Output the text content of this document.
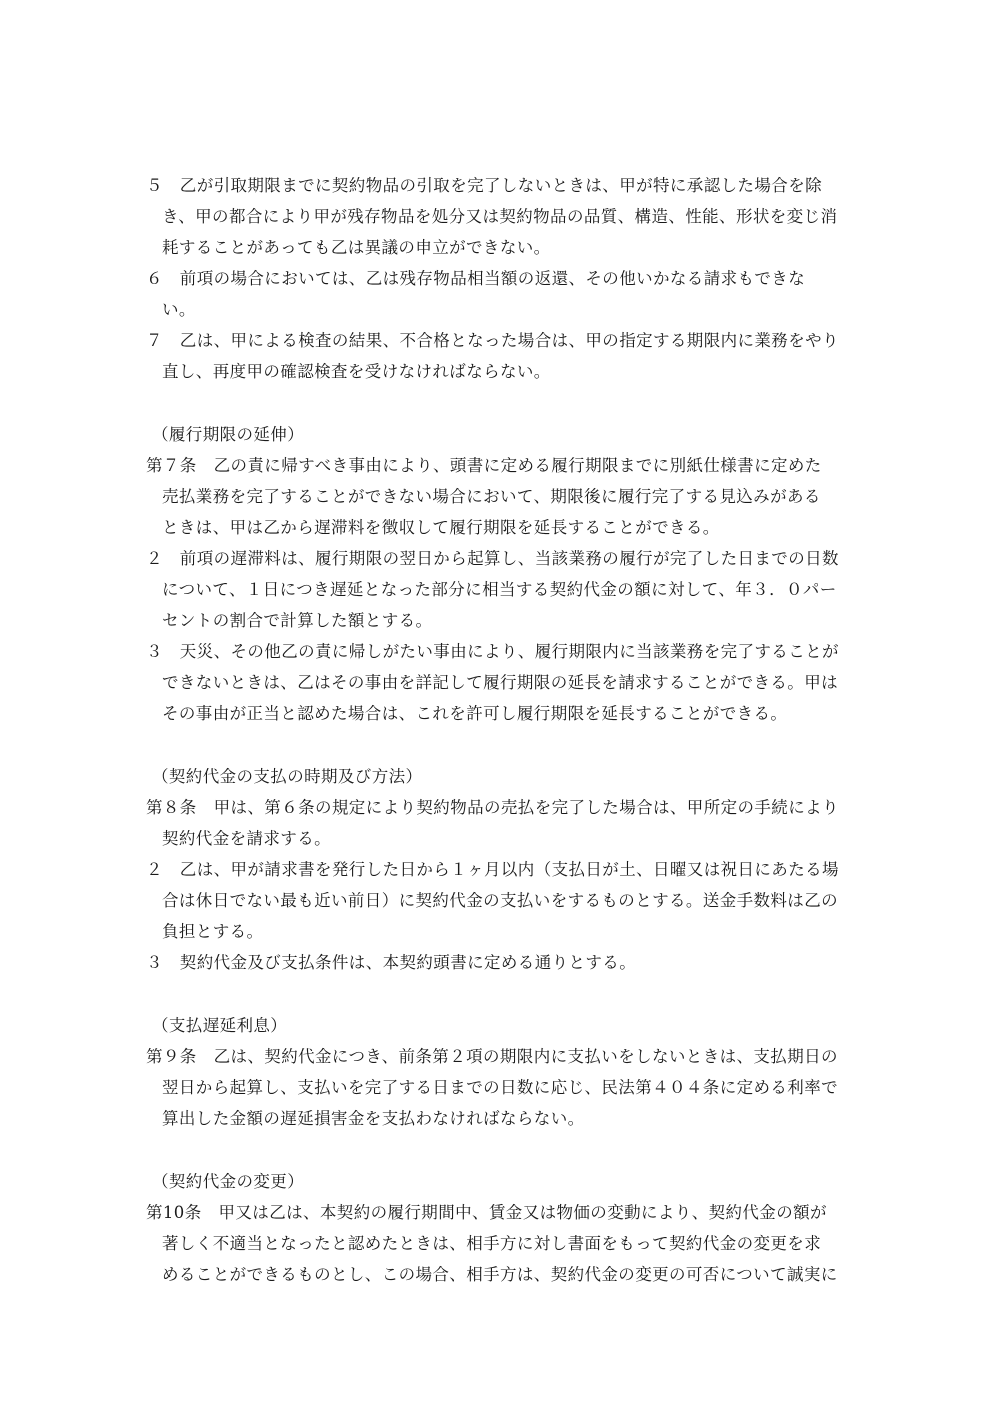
５　乙が引取期限までに契約物品の引取を完了しないときは、甲が特に承認した場合を除
き、甲の都合により甲が残存物品を処分又は契約物品の品質、構造、性能、形状を変じ消
耗することがあっても乙は異議の申立ができない。
６　前項の場合においては、乙は残存物品相当額の返還、その他いかなる請求もできな
い。
７　乙は、甲による検査の結果、不合格となった場合は、甲の指定する期限内に業務をやり
直し、再度甲の確認検査を受けなければならない。
（履行期限の延伸）
第７条　乙の責に帰すべき事由により、頭書に定める履行期限までに別紙仕様書に定めた
売払業務を完了することができない場合において、期限後に履行完了する見込みがある
ときは、甲は乙から遅滞料を徴収して履行期限を延長することができる。
２　前項の遅滞料は、履行期限の翌日から起算し、当該業務の履行が完了した日までの日数
について、１日につき遅延となった部分に相当する契約代金の額に対して、年３．０パー
セントの割合で計算した額とする。
３　天災、その他乙の責に帰しがたい事由により、履行期限内に当該業務を完了することが
できないときは、乙はその事由を詳記して履行期限の延長を請求することができる。甲は
その事由が正当と認めた場合は、これを許可し履行期限を延長することができる。
（契約代金の支払の時期及び方法）
第８条　甲は、第６条の規定により契約物品の売払を完了した場合は、甲所定の手続により
契約代金を請求する。
２　乙は、甲が請求書を発行した日から１ヶ月以内（支払日が土、日曜又は祝日にあたる場
合は休日でない最も近い前日）に契約代金の支払いをするものとする。送金手数料は乙の
負担とする。
３　契約代金及び支払条件は、本契約頭書に定める通りとする。
（支払遅延利息）
第９条　乙は、契約代金につき、前条第２項の期限内に支払いをしないときは、支払期日の
翌日から起算し、支払いを完了する日までの日数に応じ、民法第４０４条に定める利率で
算出した金額の遅延損害金を支払わなければならない。
（契約代金の変更）
第10条　甲又は乙は、本契約の履行期間中、賃金又は物価の変動により、契約代金の額が
著しく不適当となったと認めたときは、相手方に対し書面をもって契約代金の変更を求
めることができるものとし、この場合、相手方は、契約代金の変更の可否について誠実に
